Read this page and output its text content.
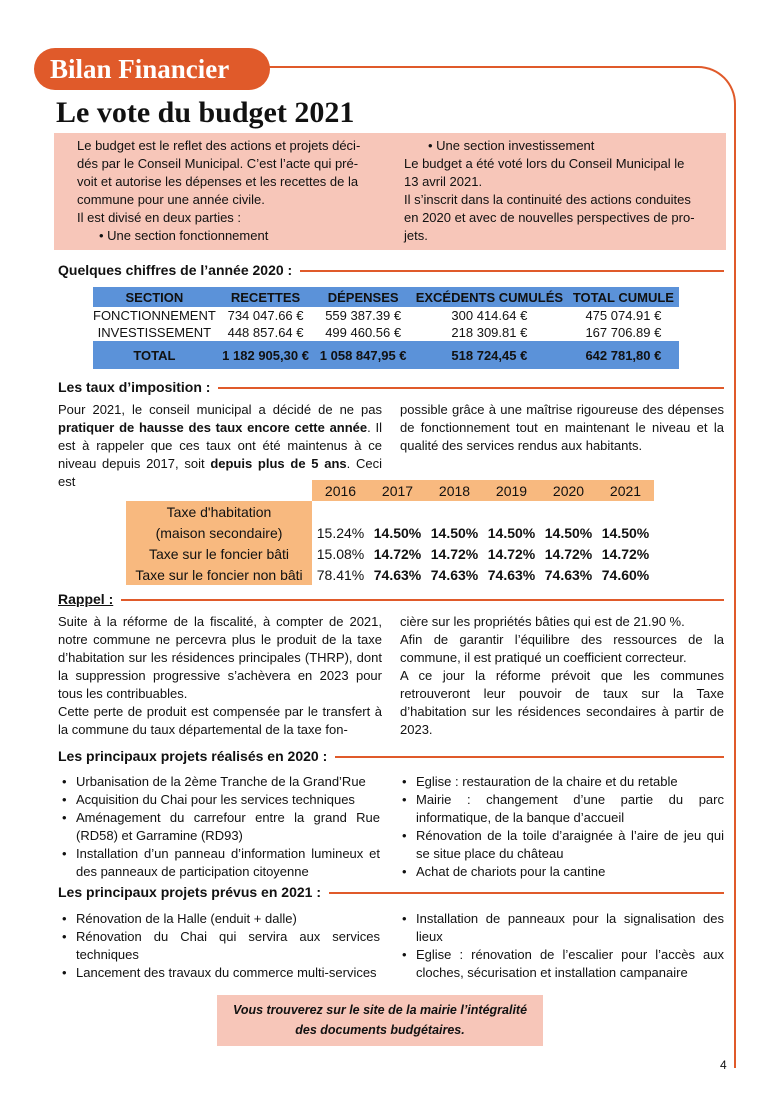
Bilan Financier
Le vote du budget 2021

Le budget est le reflet des actions et projets déci-

dés par le Conseil Municipal. C’est l’acte qui pré-

voit et autorise les dépenses et les recettes de la

commune pour une année civile.

Il est divisé en deux parties :

• Une section fonctionnement

• Une section investissement

Le budget a été voté lors du Conseil Municipal le

13 avril 2021.

Il s’inscrit dans la continuité des actions conduites

en 2020 et avec de nouvelles perspectives de pro-

jets.

Quelques chiffres de l’année 2020 :
SECTION	RECETTES	DÉPENSES	EXCÉDENTS CUMULÉS	TOTAL CUMULE
FONCTIONNEMENT	734 047.66 €	559 387.39 €	300 414.64 €	475 074.91 €
INVESTISSEMENT	448 857.64 €	499 460.56 €	218 309.81 €	167 706.89 €
TOTAL	1 182 905,30 €	1 058 847,95 €	518 724,45 €	642 781,80 €
Les taux d’imposition :

Pour 2021, le conseil municipal a décidé de ne pas pratiquer de hausse des taux encore cette année. Il est à rappeler que ces taux ont été maintenus à ce niveau depuis 2017, soit depuis plus de 5 ans. Ceci est

possible grâce à une maîtrise rigoureuse des dépenses de fonctionnement tout en maintenant le niveau et la qualité des services rendus aux habitants.

	2016	2017	2018	2019	2020	2021
Taxe d'habitation						
(maison secondaire)	15.24%	14.50%	14.50%	14.50%	14.50%	14.50%
Taxe sur le foncier bâti	15.08%	14.72%	14.72%	14.72%	14.72%	14.72%
Taxe sur le foncier non bâti	78.41%	74.63%	74.63%	74.63%	74.63%	74.60%
Rappel :

Suite à la réforme de la fiscalité, à compter de 2021, notre commune ne percevra plus le produit de la taxe d’habitation sur les résidences principales (THRP), dont la suppression progressive s’achèvera en 2023 pour tous les contribuables.

Cette perte de produit est compensée par le transfert à la commune du taux départemental de la taxe fon-

cière sur les propriétés bâties qui est de 21.90 %.

Afin de garantir l’équilibre des ressources de la commune, il est pratiqué un coefficient correcteur.

A ce jour la réforme prévoit que les communes retrouveront leur pouvoir de taux sur la Taxe d’habitation sur les résidences secondaires à partir de 2023.

Les principaux projets réalisés en 2020 :
• Urbanisation de la 2ème Tranche de la Grand’Rue
• Acquisition du Chai pour les services techniques
• Aménagement du carrefour entre la grand Rue (RD58) et Garramine (RD93)
• Installation d’un panneau d’information lumineux et des panneaux de participation citoyenne
• Eglise : restauration de la chaire et du retable
• Mairie : changement d’une partie du parc informatique, de la banque d’accueil
• Rénovation de la toile d’araignée à l’aire de jeu qui se situe place du château
• Achat de chariots pour la cantine
Les principaux projets prévus en 2021 :
• Rénovation de la Halle (enduit + dalle)
• Rénovation du Chai qui servira aux services techniques
• Lancement des travaux du commerce multi-services
• Installation de panneaux pour la signalisation des lieux
• Eglise : rénovation de l’escalier pour l’accès aux cloches, sécurisation et installation campanaire
Vous trouverez sur le site de la mairie l’intégralité
des documents budgétaires.
4
